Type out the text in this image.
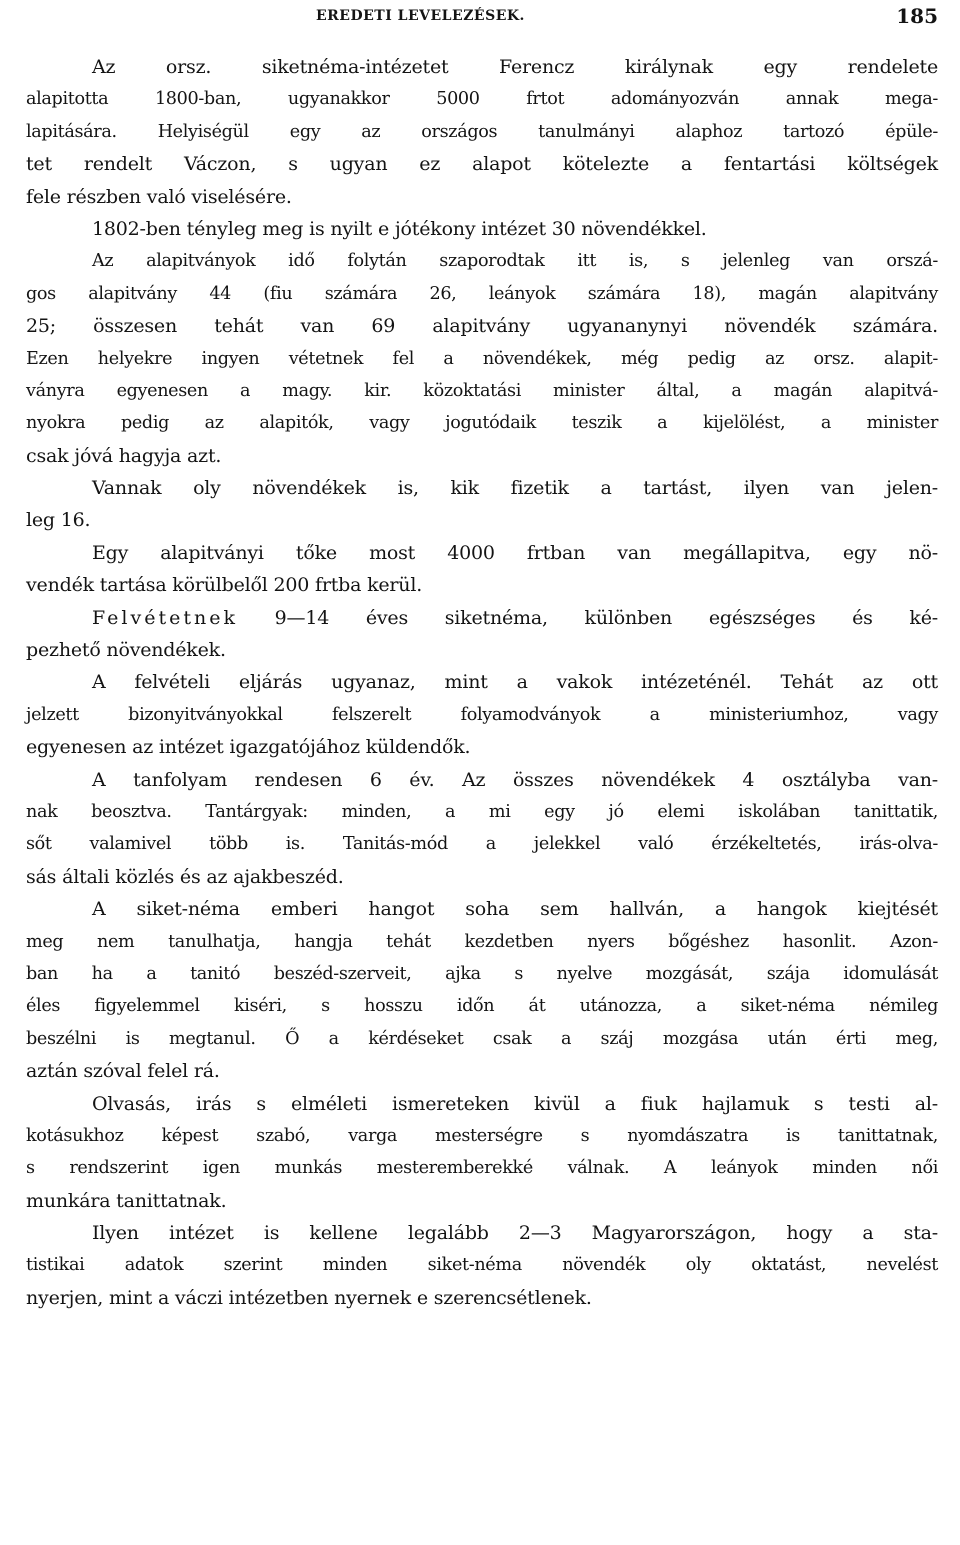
EREDETI LEVELEZÉSEK.	185
Az orsz. siketnéma-intézetet Ferencz királynak egy rendelete
alapitotta 1800-ban, ugyanakkor 5000 frtot adományozván annak mega-
lapitására. Helyiségül egy az országos tanulmányi alaphoz tartozó épüle-
tet rendelt Váczon, s ugyan ez alapot kötelezte a fentartási költségek
fele részben való viselésére.
1802-ben tényleg meg is nyilt e jótékony intézet 30 növendékkel.
Az alapitványok idő folytán szaporodtak itt is, s jelenleg van orszá-
gos alapitvány 44 (fiu számára 26, leányok számára 18), magán alapitvány
25; összesen tehát van 69 alapitvány ugyananynyi növendék számára.
Ezen helyekre ingyen vétetnek fel a növendékek, még pedig az orsz. alapit-
ványra egyenesen a magy. kir. közoktatási minister által, a magán alapitvá-
nyokra pedig az alapitók, vagy jogutódaik teszik a kijelölést, a minister
csak jóvá hagyja azt.
Vannak oly növendékek is, kik fizetik a tartást, ilyen van jelen-
leg 16.
Egy alapitványi tőke most 4000 frtban van megállapitva, egy nö-
vendék tartása körülbelől 200 frtba kerül.
Felvétetnek 9—14 éves siketnéma, különben egészséges és ké-
pezhető növendékek.
A felvételi eljárás ugyanaz, mint a vakok intézeténél. Tehát az ott
jelzett bizonyitványokkal felszerelt folyamodványok a ministeriumhoz, vagy
egyenesen az intézet igazgatójához küldendők.
A tanfolyam rendesen 6 év. Az összes növendékek 4 osztályba van-
nak beosztva. Tantárgyak: minden, a mi egy jó elemi iskolában tanittatik,
sőt valamivel több is. Tanitás-mód a jelekkel való érzékeltetés, irás-olva-
sás általi közlés és az ajakbeszéd.
A siket-néma emberi hangot soha sem hallván, a hangok kiejtését
meg nem tanulhatja, hangja tehát kezdetben nyers bőgéshez hasonlit. Azon-
ban ha a tanitó beszéd-szerveit, ajka s nyelve mozgását, szája idomulását
éles figyelemmel kiséri, s hosszu időn át utánozza, a siket-néma némileg
beszélni is megtanul. Ő a kérdéseket csak a száj mozgása után érti meg,
aztán szóval felel rá.
Olvasás, irás s elméleti ismereteken kivül a fiuk hajlamuk s testi al-
kotásukhoz képest szabó, varga mesterségre s nyomdászatra is tanittatnak,
s rendszerint igen munkás mesteremberekké válnak. A leányok minden női
munkára tanittatnak.
Ilyen intézet is kellene legalább 2—3 Magyarországon, hogy a sta-
tistikai adatok szerint minden siket-néma növendék oly oktatást, nevelést
nyerjen, mint a váczi intézetben nyernek e szerencsétlenek.
